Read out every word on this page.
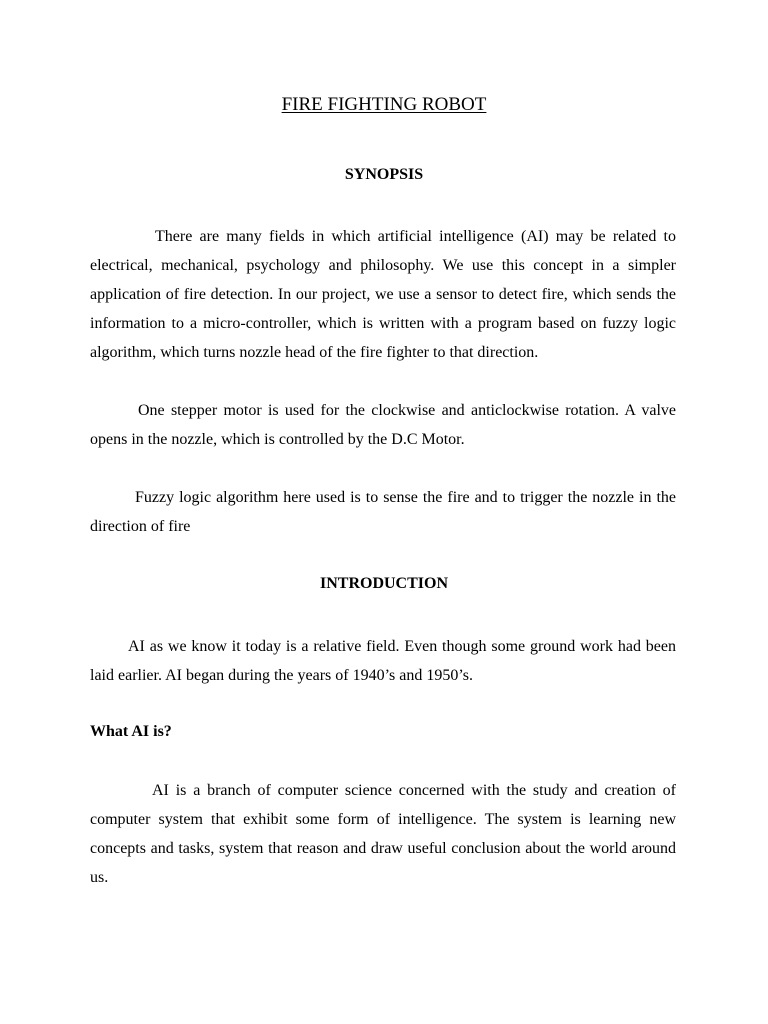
FIRE FIGHTING ROBOT
SYNOPSIS

There are many fields in which artificial intelligence (AI) may be related to electrical, mechanical, psychology and philosophy. We use this concept in a simpler application of fire detection. In our project, we use a sensor to detect fire, which sends the information to a micro-controller, which is written with a program based on fuzzy logic algorithm, which turns nozzle head of the fire fighter to that direction.

One stepper motor is used for the clockwise and anticlockwise rotation. A valve opens in the nozzle, which is controlled by the D.C Motor.

Fuzzy logic algorithm here used is to sense the fire and to trigger the nozzle in the direction of fire

INTRODUCTION

AI as we know it today is a relative field. Even though some ground work had been laid earlier. AI began during the years of 1940’s and 1950’s.

What AI is?

AI is a branch of computer science concerned with the study and creation of computer system that exhibit some form of intelligence. The system is learning new concepts and tasks, system that reason and draw useful conclusion about the world around us.
